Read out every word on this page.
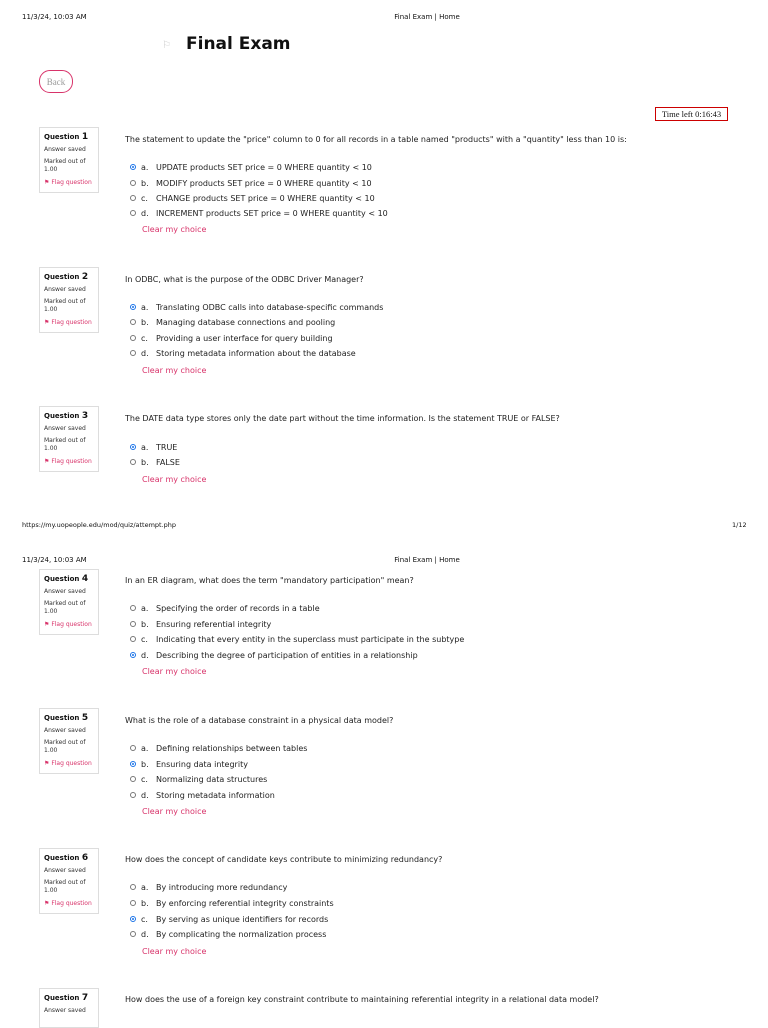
11/3/24, 10:03 AM	Final Exam | Home
⚐ Final Exam
Back
Time left 0:16:43
Question 1
Answer saved
Marked out of
1.00
⚑ Flag question
The statement to update the "price" column to 0 for all records in a table named "products" with a "quantity" less than 10 is:
a. UPDATE products SET price = 0 WHERE quantity < 10
b. MODIFY products SET price = 0 WHERE quantity < 10
c.	CHANGE products SET price = 0 WHERE quantity < 10
d. INCREMENT products SET price = 0 WHERE quantity < 10
Clear my choice
Question 2
Answer saved
Marked out of
1.00
⚑ Flag question
In ODBC, what is the purpose of the ODBC Driver Manager?
a. Translating ODBC calls into database-specific commands
b. Managing database connections and pooling
c.	Providing a user interface for query building
d. Storing metadata information about the database
Clear my choice
Question 3
Answer saved
Marked out of
1.00
⚑ Flag question
The DATE data type stores only the date part without the time information. Is the statement TRUE or FALSE?
a. TRUE
b. FALSE
Clear my choice
https://my.uopeople.edu/mod/quiz/attempt.php	1/12
11/3/24, 10:03 AM	Final Exam | Home
Question 4
Answer saved
Marked out of
1.00
⚑ Flag question
In an ER diagram, what does the term "mandatory participation" mean?
a. Specifying the order of records in a table
b. Ensuring referential integrity
c.	Indicating that every entity in the superclass must participate in the subtype
d. Describing the degree of participation of entities in a relationship
Clear my choice
Question 5
Answer saved
Marked out of
1.00
⚑ Flag question
What is the role of a database constraint in a physical data model?
a. Defining relationships between tables
b. Ensuring data integrity
c.	Normalizing data structures
d. Storing metadata information
Clear my choice
Question 6
Answer saved
Marked out of
1.00
⚑ Flag question
How does the concept of candidate keys contribute to minimizing redundancy?
a. By introducing more redundancy
b. By enforcing referential integrity constraints
c.	By serving as unique identifiers for records
d. By complicating the normalization process
Clear my choice
Question 7
Answer saved
How does the use of a foreign key constraint contribute to maintaining referential integrity in a relational data model?
